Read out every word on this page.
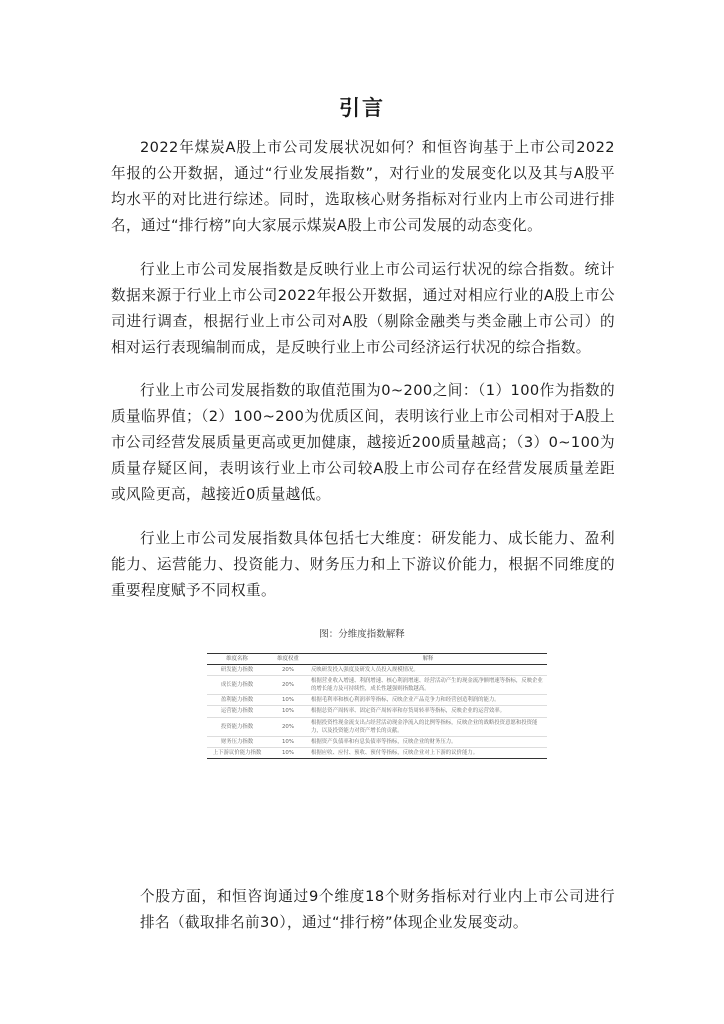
引言

2022年煤炭A股上市公司发展状况如何？和恒咨询基于上市公司2022年报的公开数据，通过“行业发展指数”，对行业的发展变化以及其与A股平均水平的对比进行综述。同时，选取核心财务指标对行业内上市公司进行排名，通过“排行榜”向大家展示煤炭A股上市公司发展的动态变化。

行业上市公司发展指数是反映行业上市公司运行状况的综合指数。统计数据来源于行业上市公司2022年报公开数据，通过对相应行业的A股上市公司进行调查，根据行业上市公司对A股（剔除金融类与类金融上市公司）的相对运行表现编制而成，是反映行业上市公司经济运行状况的综合指数。

行业上市公司发展指数的取值范围为0~200之间：（1）100作为指数的质量临界值；（2）100~200为优质区间，表明该行业上市公司相对于A股上市公司经营发展质量更高或更加健康，越接近200质量越高；（3）0~100为质量存疑区间，表明该行业上市公司较A股上市公司存在经营发展质量差距或风险更高，越接近0质量越低。

行业上市公司发展指数具体包括七大维度：研发能力、成长能力、盈利能力、运营能力、投资能力、财务压力和上下游议价能力，根据不同维度的重要程度赋予不同权重。

图：分维度指数解释
维度名称	维度权重	解释
研发能力指数	20%	反映研发投入强度及研发人员投入规模情况。
成长能力指数	20%	根据营业收入增速、利润增速、核心利润增速、经营活动产生的现金流净额增速等指标，反映企业的增长能力及可持续性，成长性越强则指数越高。
盈利能力指数	10%	根据毛利率和核心利润率等指标，反映企业产品竞争力和经营创造利润的能力。
运营能力指数	10%	根据总资产周转率、固定资产周转率和存货周转率等指标，反映企业的运营效率。
投资能力指数	20%	根据投资性现金流支出占经营活动现金净流入的比例等指标，反映企业的战略投资意愿和投资能力，以及投资能力对资产增长的贡献。
财务压力指数	10%	根据资产负债率和有息负债率等指标，反映企业的财务压力。
上下游议价能力指数	10%	根据应收、应付、预收、预付等指标，反映企业对上下游的议价能力。

个股方面，和恒咨询通过9个维度18个财务指标对行业内上市公司进行排名（截取排名前30），通过“排行榜”体现企业发展变动。
